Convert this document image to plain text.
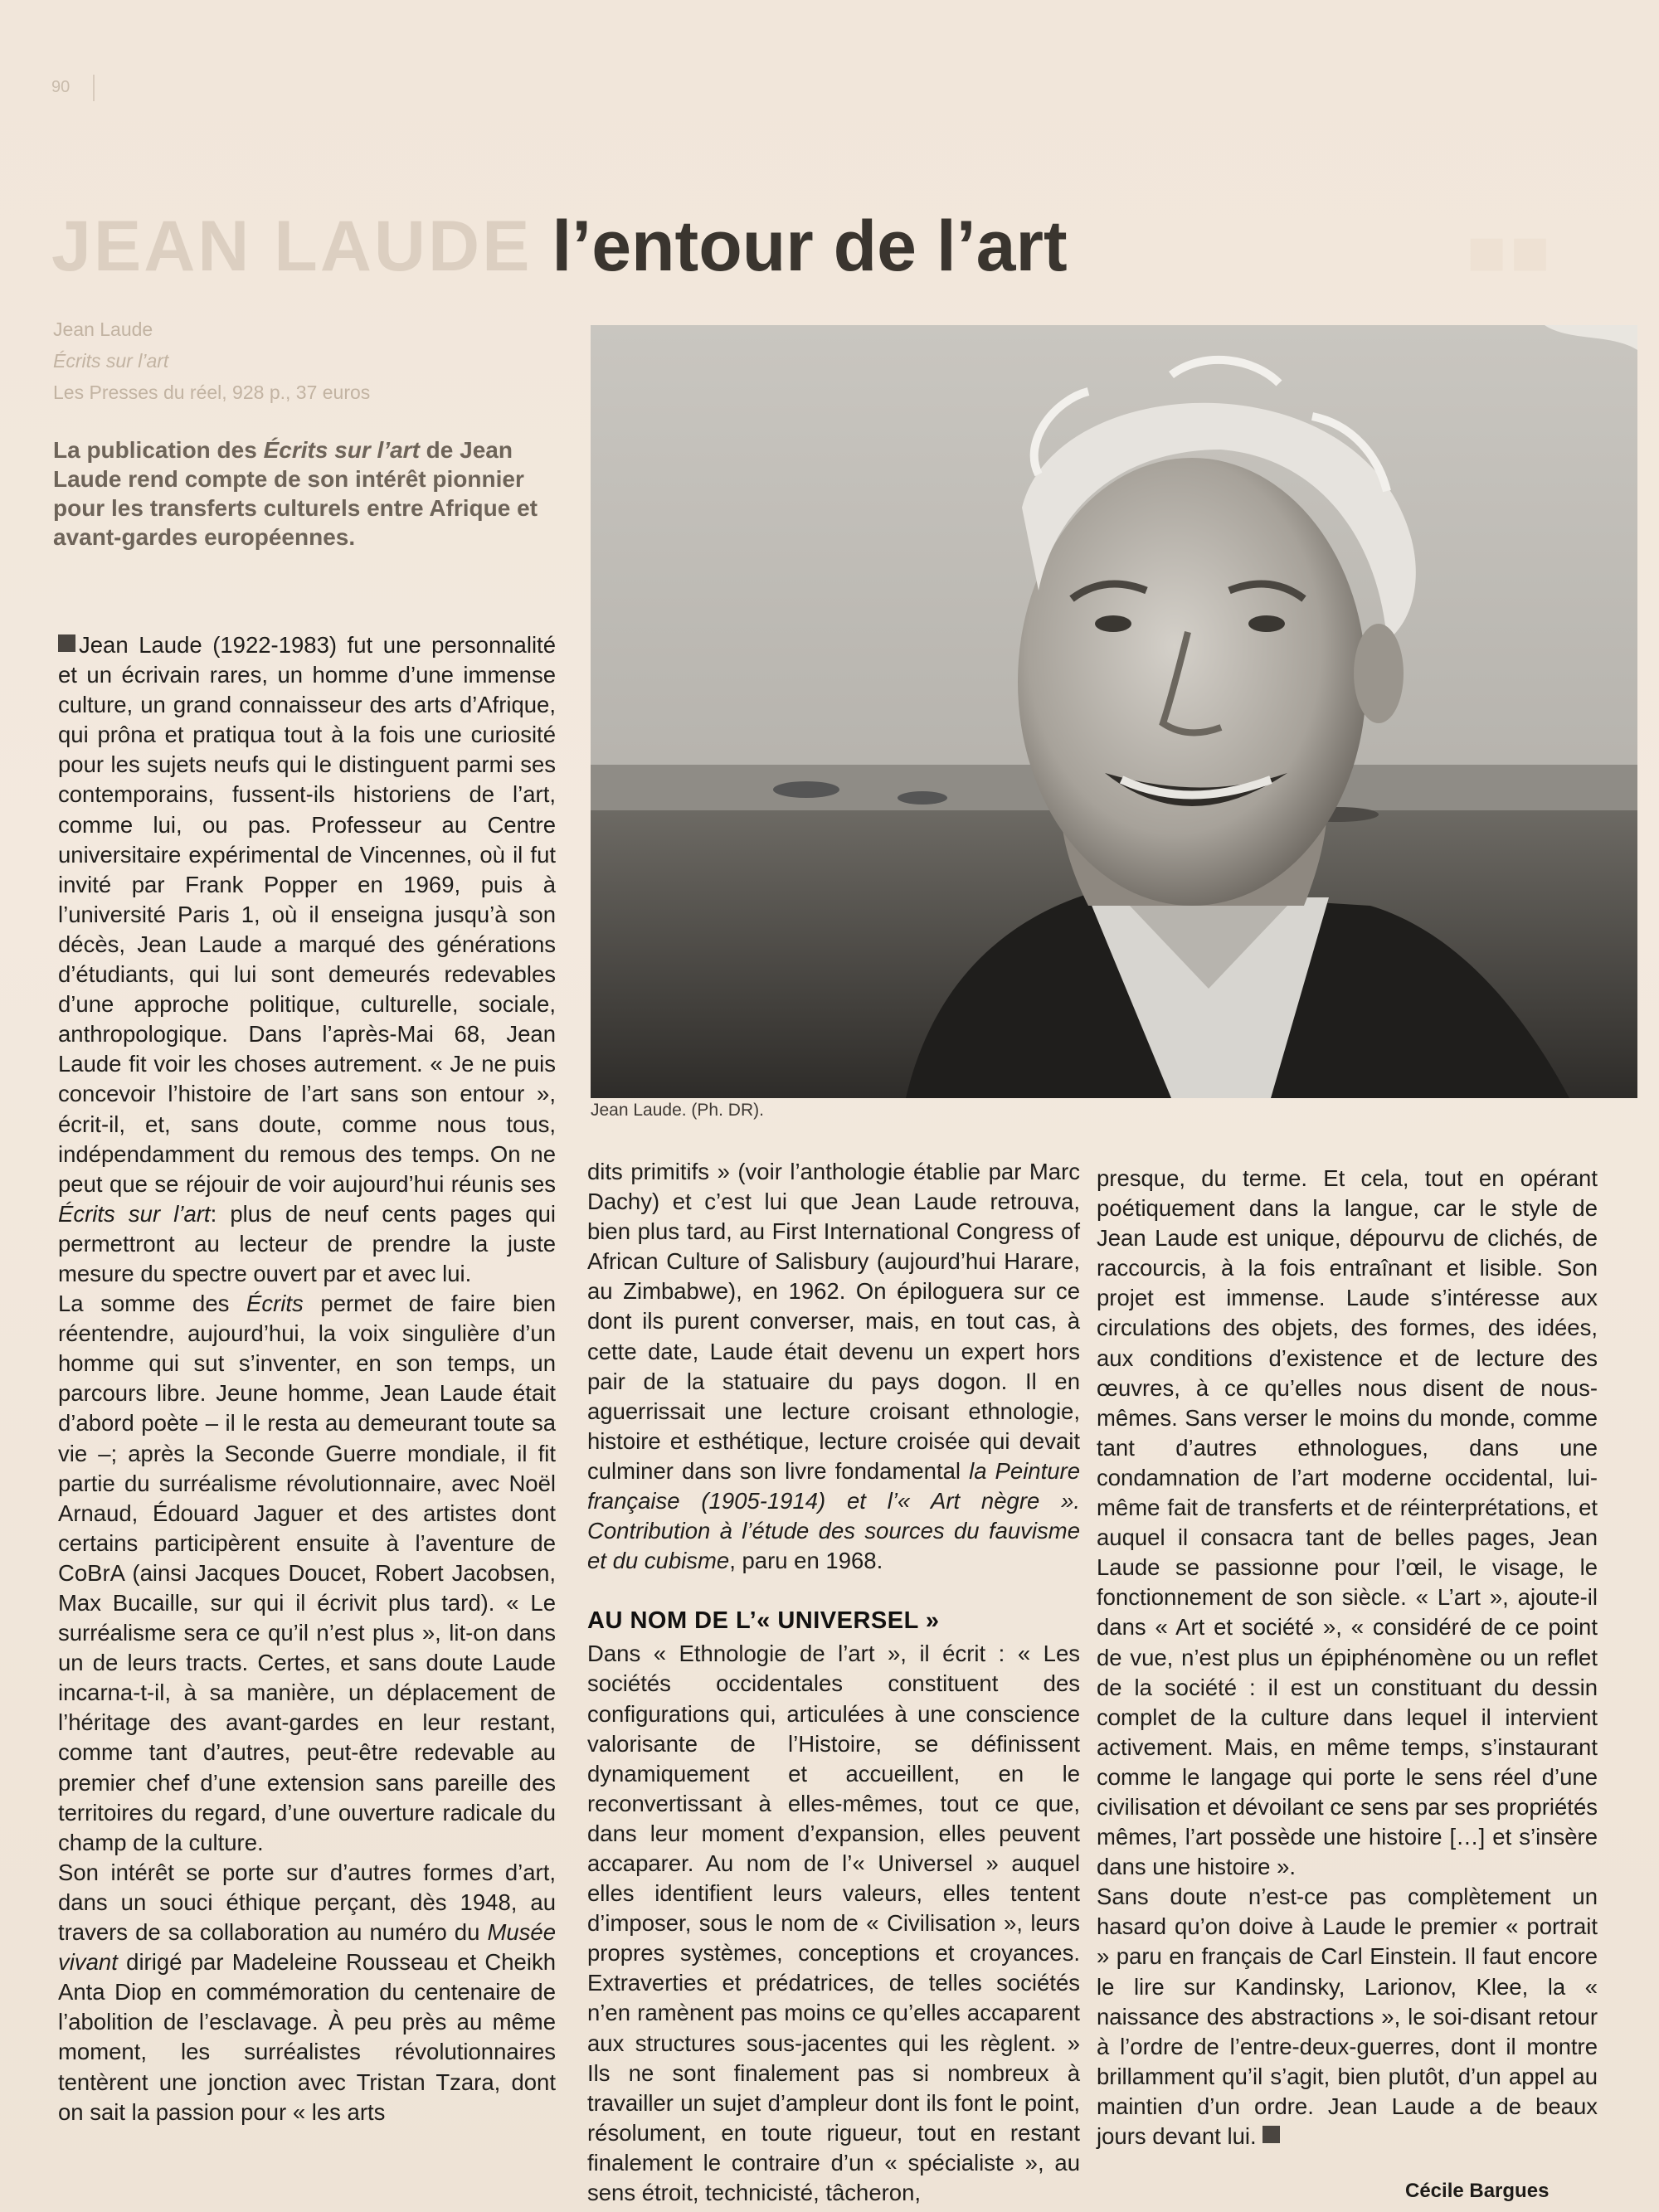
90
JEAN LAUDE l’entour de l’art	■■
Jean Laude
Écrits sur l’art
Les Presses du réel, 928 p., 37 euros

La publication des Écrits sur l’art de Jean Laude rend compte de son intérêt pionnier pour les transferts culturels entre Afrique et avant-gardes européennes.

Jean Laude (1922-1983) fut une personnalité et un écrivain rares, un homme d’une immense culture, un grand connaisseur des arts d’Afrique, qui prôna et pratiqua tout à la fois une curiosité pour les sujets neufs qui le distinguent parmi ses contemporains, fussent-ils historiens de l’art, comme lui, ou pas. Professeur au Centre universitaire expérimental de Vincennes, où il fut invité par Frank Popper en 1969, puis à l’université Paris 1, où il enseigna jusqu’à son décès, Jean Laude a marqué des générations d’étudiants, qui lui sont demeurés redevables d’une approche politique, culturelle, sociale, anthropologique. Dans l’après-Mai 68, Jean Laude fit voir les choses autrement. « Je ne puis concevoir l’histoire de l’art sans son entour », écrit-il, et, sans doute, comme nous tous, indépendamment du remous des temps. On ne peut que se réjouir de voir aujourd’hui réunis ses Écrits sur l’art: plus de neuf cents pages qui permettront au lecteur de prendre la juste mesure du spectre ouvert par et avec lui.

La somme des Écrits permet de faire bien réentendre, aujourd’hui, la voix singulière d’un homme qui sut s’inventer, en son temps, un parcours libre. Jeune homme, Jean Laude était d’abord poète – il le resta au demeurant toute sa vie –; après la Seconde Guerre mondiale, il fit partie du surréalisme révolutionnaire, avec Noël Arnaud, Édouard Jaguer et des artistes dont certains participèrent ensuite à l’aventure de CoBrA (ainsi Jacques Doucet, Robert Jacobsen, Max Bucaille, sur qui il écrivit plus tard). « Le surréalisme sera ce qu’il n’est plus », lit-on dans un de leurs tracts. Certes, et sans doute Laude incarna-t-il, à sa manière, un déplacement de l’héritage des avant-gardes en leur restant, comme tant d’autres, peut-être redevable au premier chef d’une extension sans pareille des territoires du regard, d’une ouverture radicale du champ de la culture.

Son intérêt se porte sur d’autres formes d’art, dans un souci éthique perçant, dès 1948, au travers de sa collaboration au numéro du Musée vivant dirigé par Madeleine Rousseau et Cheikh Anta Diop en commémoration du centenaire de l’abolition de l’esclavage. À peu près au même moment, les surréalistes révolutionnaires tentèrent une jonction avec Tristan Tzara, dont on sait la passion pour « les arts

Jean Laude. (Ph. DR).

dits primitifs » (voir l’anthologie établie par Marc Dachy) et c’est lui que Jean Laude retrouva, bien plus tard, au First International Congress of African Culture of Salisbury (aujourd’hui Harare, au Zimbabwe), en 1962. On épiloguera sur ce dont ils purent converser, mais, en tout cas, à cette date, Laude était devenu un expert hors pair de la statuaire du pays dogon. Il en aguerrissait une lecture croisant ethnologie, histoire et esthétique, lecture croisée qui devait culminer dans son livre fondamental la Peinture française (1905-1914) et l’« Art nègre ». Contribution à l’étude des sources du fauvisme et du cubisme, paru en 1968.

AU NOM DE L’« UNIVERSEL »

Dans « Ethnologie de l’art », il écrit : « Les sociétés occidentales constituent des configurations qui, articulées à une conscience valorisante de l’Histoire, se définissent dynamiquement et accueillent, en le reconvertissant à elles-mêmes, tout ce que, dans leur moment d’expansion, elles peuvent accaparer. Au nom de l’« Universel » auquel elles identifient leurs valeurs, elles tentent d’imposer, sous le nom de « Civilisation », leurs propres systèmes, conceptions et croyances. Extraverties et prédatrices, de telles sociétés n’en ramènent pas moins ce qu’elles accaparent aux structures sous-jacentes qui les règlent. » Ils ne sont finalement pas si nombreux à travailler un sujet d’ampleur dont ils font le point, résolument, en toute rigueur, tout en restant finalement le contraire d’un « spécialiste », au sens étroit, technicisté, tâcheron,

presque, du terme. Et cela, tout en opérant poétiquement dans la langue, car le style de Jean Laude est unique, dépourvu de clichés, de raccourcis, à la fois entraînant et lisible. Son projet est immense. Laude s’intéresse aux circulations des objets, des formes, des idées, aux conditions d’existence et de lecture des œuvres, à ce qu’elles nous disent de nous-mêmes. Sans verser le moins du monde, comme tant d’autres ethnologues, dans une condamnation de l’art moderne occidental, lui-même fait de transferts et de réinterprétations, et auquel il consacra tant de belles pages, Jean Laude se passionne pour l’œil, le visage, le fonctionnement de son siècle. « L’art », ajoute-il dans « Art et société », « considéré de ce point de vue, n’est plus un épiphénomène ou un reflet de la société : il est un constituant du dessin complet de la culture dans lequel il intervient activement. Mais, en même temps, s’instaurant comme le langage qui porte le sens réel d’une civilisation et dévoilant ce sens par ses propriétés mêmes, l’art possède une histoire […] et s’insère dans une histoire ».

Sans doute n’est-ce pas complètement un hasard qu’on doive à Laude le premier « portrait » paru en français de Carl Einstein. Il faut encore le lire sur Kandinsky, Larionov, Klee, la « naissance des abstractions », le soi-disant retour à l’ordre de l’entre-deux-guerres, dont il montre brillamment qu’il s’agit, bien plutôt, d’un appel au maintien d’un ordre. Jean Laude a de beaux jours devant lui.

Cécile Bargues
